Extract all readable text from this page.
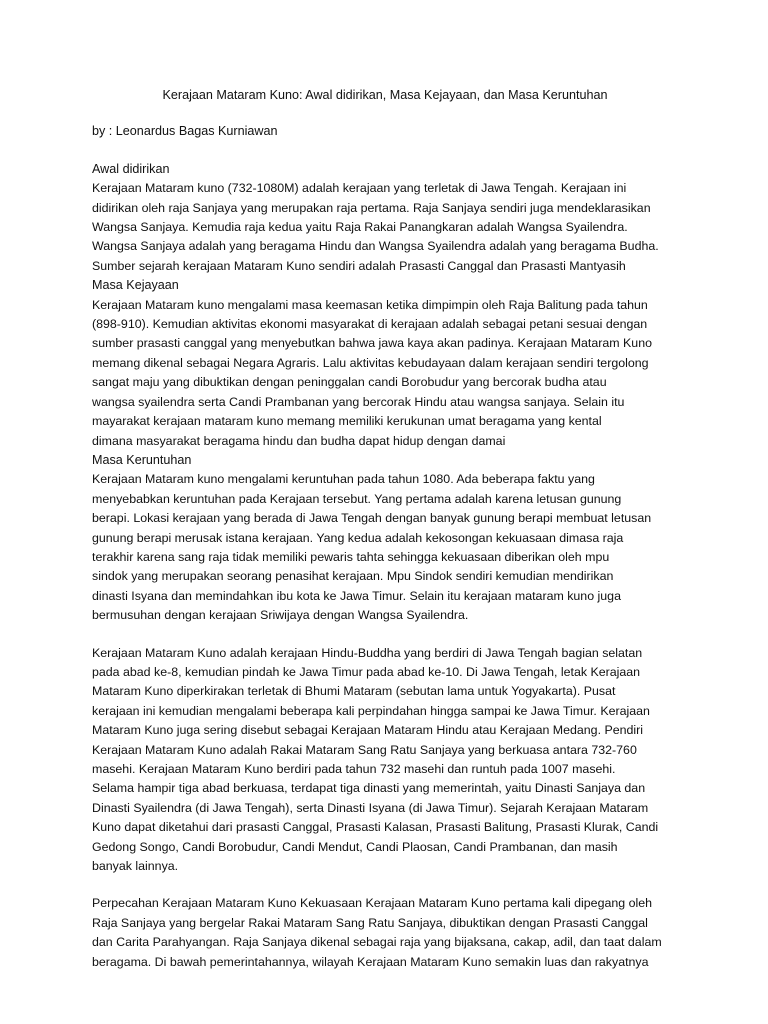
Kerajaan Mataram Kuno: Awal didirikan, Masa Kejayaan, dan Masa Keruntuhan
by : Leonardus Bagas Kurniawan
Awal didirikan
Kerajaan Mataram kuno (732-1080M) adalah kerajaan yang terletak di Jawa Tengah. Kerajaan ini
didirikan oleh raja Sanjaya yang merupakan raja pertama. Raja Sanjaya sendiri juga mendeklarasikan
Wangsa Sanjaya. Kemudia raja kedua yaitu Raja Rakai Panangkaran adalah Wangsa Syailendra.
Wangsa Sanjaya adalah yang beragama Hindu dan Wangsa Syailendra adalah yang beragama Budha.
Sumber sejarah kerajaan Mataram Kuno sendiri adalah Prasasti Canggal dan Prasasti Mantyasih
Masa Kejayaan
Kerajaan Mataram kuno mengalami masa keemasan ketika dimpimpin oleh Raja Balitung pada tahun
(898-910). Kemudian aktivitas ekonomi masyarakat di kerajaan adalah sebagai petani sesuai dengan
sumber prasasti canggal yang menyebutkan bahwa jawa kaya akan padinya. Kerajaan Mataram Kuno
memang dikenal sebagai Negara Agraris. Lalu aktivitas kebudayaan dalam kerajaan sendiri tergolong
sangat maju yang dibuktikan dengan peninggalan candi Borobudur yang bercorak budha atau
wangsa syailendra serta Candi Prambanan yang bercorak Hindu atau wangsa sanjaya. Selain itu
mayarakat kerajaan mataram kuno memang memiliki kerukunan umat beragama yang kental
dimana masyarakat beragama hindu dan budha dapat hidup dengan damai
Masa Keruntuhan
Kerajaan Mataram kuno mengalami keruntuhan pada tahun 1080. Ada beberapa faktu yang
menyebabkan keruntuhan pada Kerajaan tersebut. Yang pertama adalah karena letusan gunung
berapi. Lokasi kerajaan yang berada di Jawa Tengah dengan banyak gunung berapi membuat letusan
gunung berapi merusak istana kerajaan. Yang kedua adalah kekosongan kekuasaan dimasa raja
terakhir karena sang raja tidak memiliki pewaris tahta sehingga kekuasaan diberikan oleh mpu
sindok yang merupakan seorang penasihat kerajaan. Mpu Sindok sendiri kemudian mendirikan
dinasti Isyana dan memindahkan ibu kota ke Jawa Timur. Selain itu kerajaan mataram kuno juga
bermusuhan dengan kerajaan Sriwijaya dengan Wangsa Syailendra.
Kerajaan Mataram Kuno adalah kerajaan Hindu-Buddha yang berdiri di Jawa Tengah bagian selatan
pada abad ke-8, kemudian pindah ke Jawa Timur pada abad ke-10. Di Jawa Tengah, letak Kerajaan
Mataram Kuno diperkirakan terletak di Bhumi Mataram (sebutan lama untuk Yogyakarta). Pusat
kerajaan ini kemudian mengalami beberapa kali perpindahan hingga sampai ke Jawa Timur. Kerajaan
Mataram Kuno juga sering disebut sebagai Kerajaan Mataram Hindu atau Kerajaan Medang. Pendiri
Kerajaan Mataram Kuno adalah Rakai Mataram Sang Ratu Sanjaya yang berkuasa antara 732-760
masehi. Kerajaan Mataram Kuno berdiri pada tahun 732 masehi dan runtuh pada 1007 masehi.
Selama hampir tiga abad berkuasa, terdapat tiga dinasti yang memerintah, yaitu Dinasti Sanjaya dan
Dinasti Syailendra (di Jawa Tengah), serta Dinasti Isyana (di Jawa Timur). Sejarah Kerajaan Mataram
Kuno dapat diketahui dari prasasti Canggal, Prasasti Kalasan, Prasasti Balitung, Prasasti Klurak, Candi
Gedong Songo, Candi Borobudur, Candi Mendut, Candi Plaosan, Candi Prambanan, dan masih
banyak lainnya.
Perpecahan Kerajaan Mataram Kuno Kekuasaan Kerajaan Mataram Kuno pertama kali dipegang oleh
Raja Sanjaya yang bergelar Rakai Mataram Sang Ratu Sanjaya, dibuktikan dengan Prasasti Canggal
dan Carita Parahyangan. Raja Sanjaya dikenal sebagai raja yang bijaksana, cakap, adil, dan taat dalam
beragama. Di bawah pemerintahannya, wilayah Kerajaan Mataram Kuno semakin luas dan rakyatnya
